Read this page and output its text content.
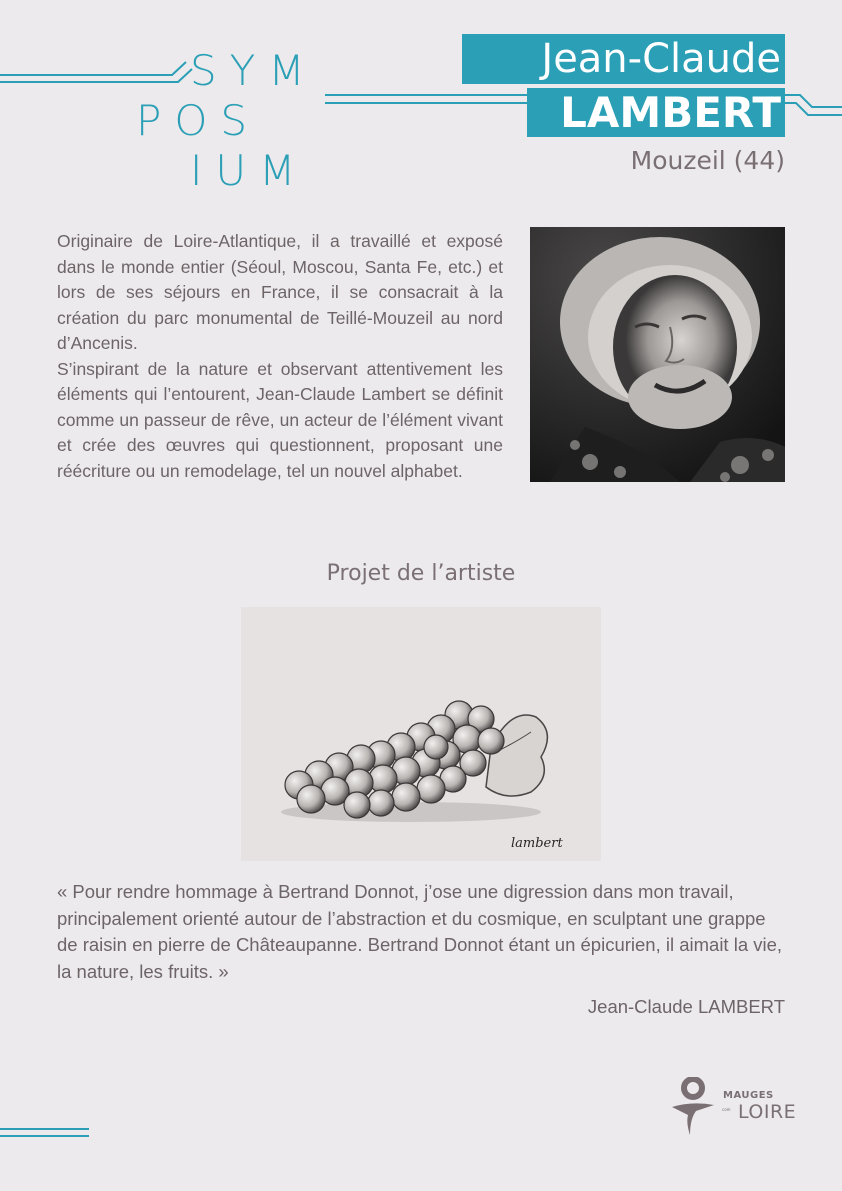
SYM
POS
IUM
Jean-Claude
LAMBERT
Mouzeil (44)

Originaire de Loire-Atlantique, il a travaillé et exposé dans le monde entier (Séoul, Moscou, Santa Fe, etc.) et lors de ses séjours en France, il se consacrait à la création du parc monumental de Teillé-Mouzeil au nord d’Ancenis.

S’inspirant de la nature et observant attentivement les éléments qui l’entourent, Jean-Claude Lambert se définit comme un passeur de rêve, un acteur de l’élément vivant et crée des œuvres qui questionnent, proposant une réécriture ou un remodelage, tel un nouvel alphabet.

Projet de l’artiste
lambert
« Pour rendre hommage à Bertrand Donnot, j’ose une digression dans mon travail, principalement orienté autour de l’abstraction et du cosmique, en sculptant une grappe de raisin en pierre de Châteaupanne. Bertrand Donnot étant un épicurien, il aimait la vie, la nature, les fruits. »
Jean-Claude LAMBERT
MAUGES
com LOIRE
